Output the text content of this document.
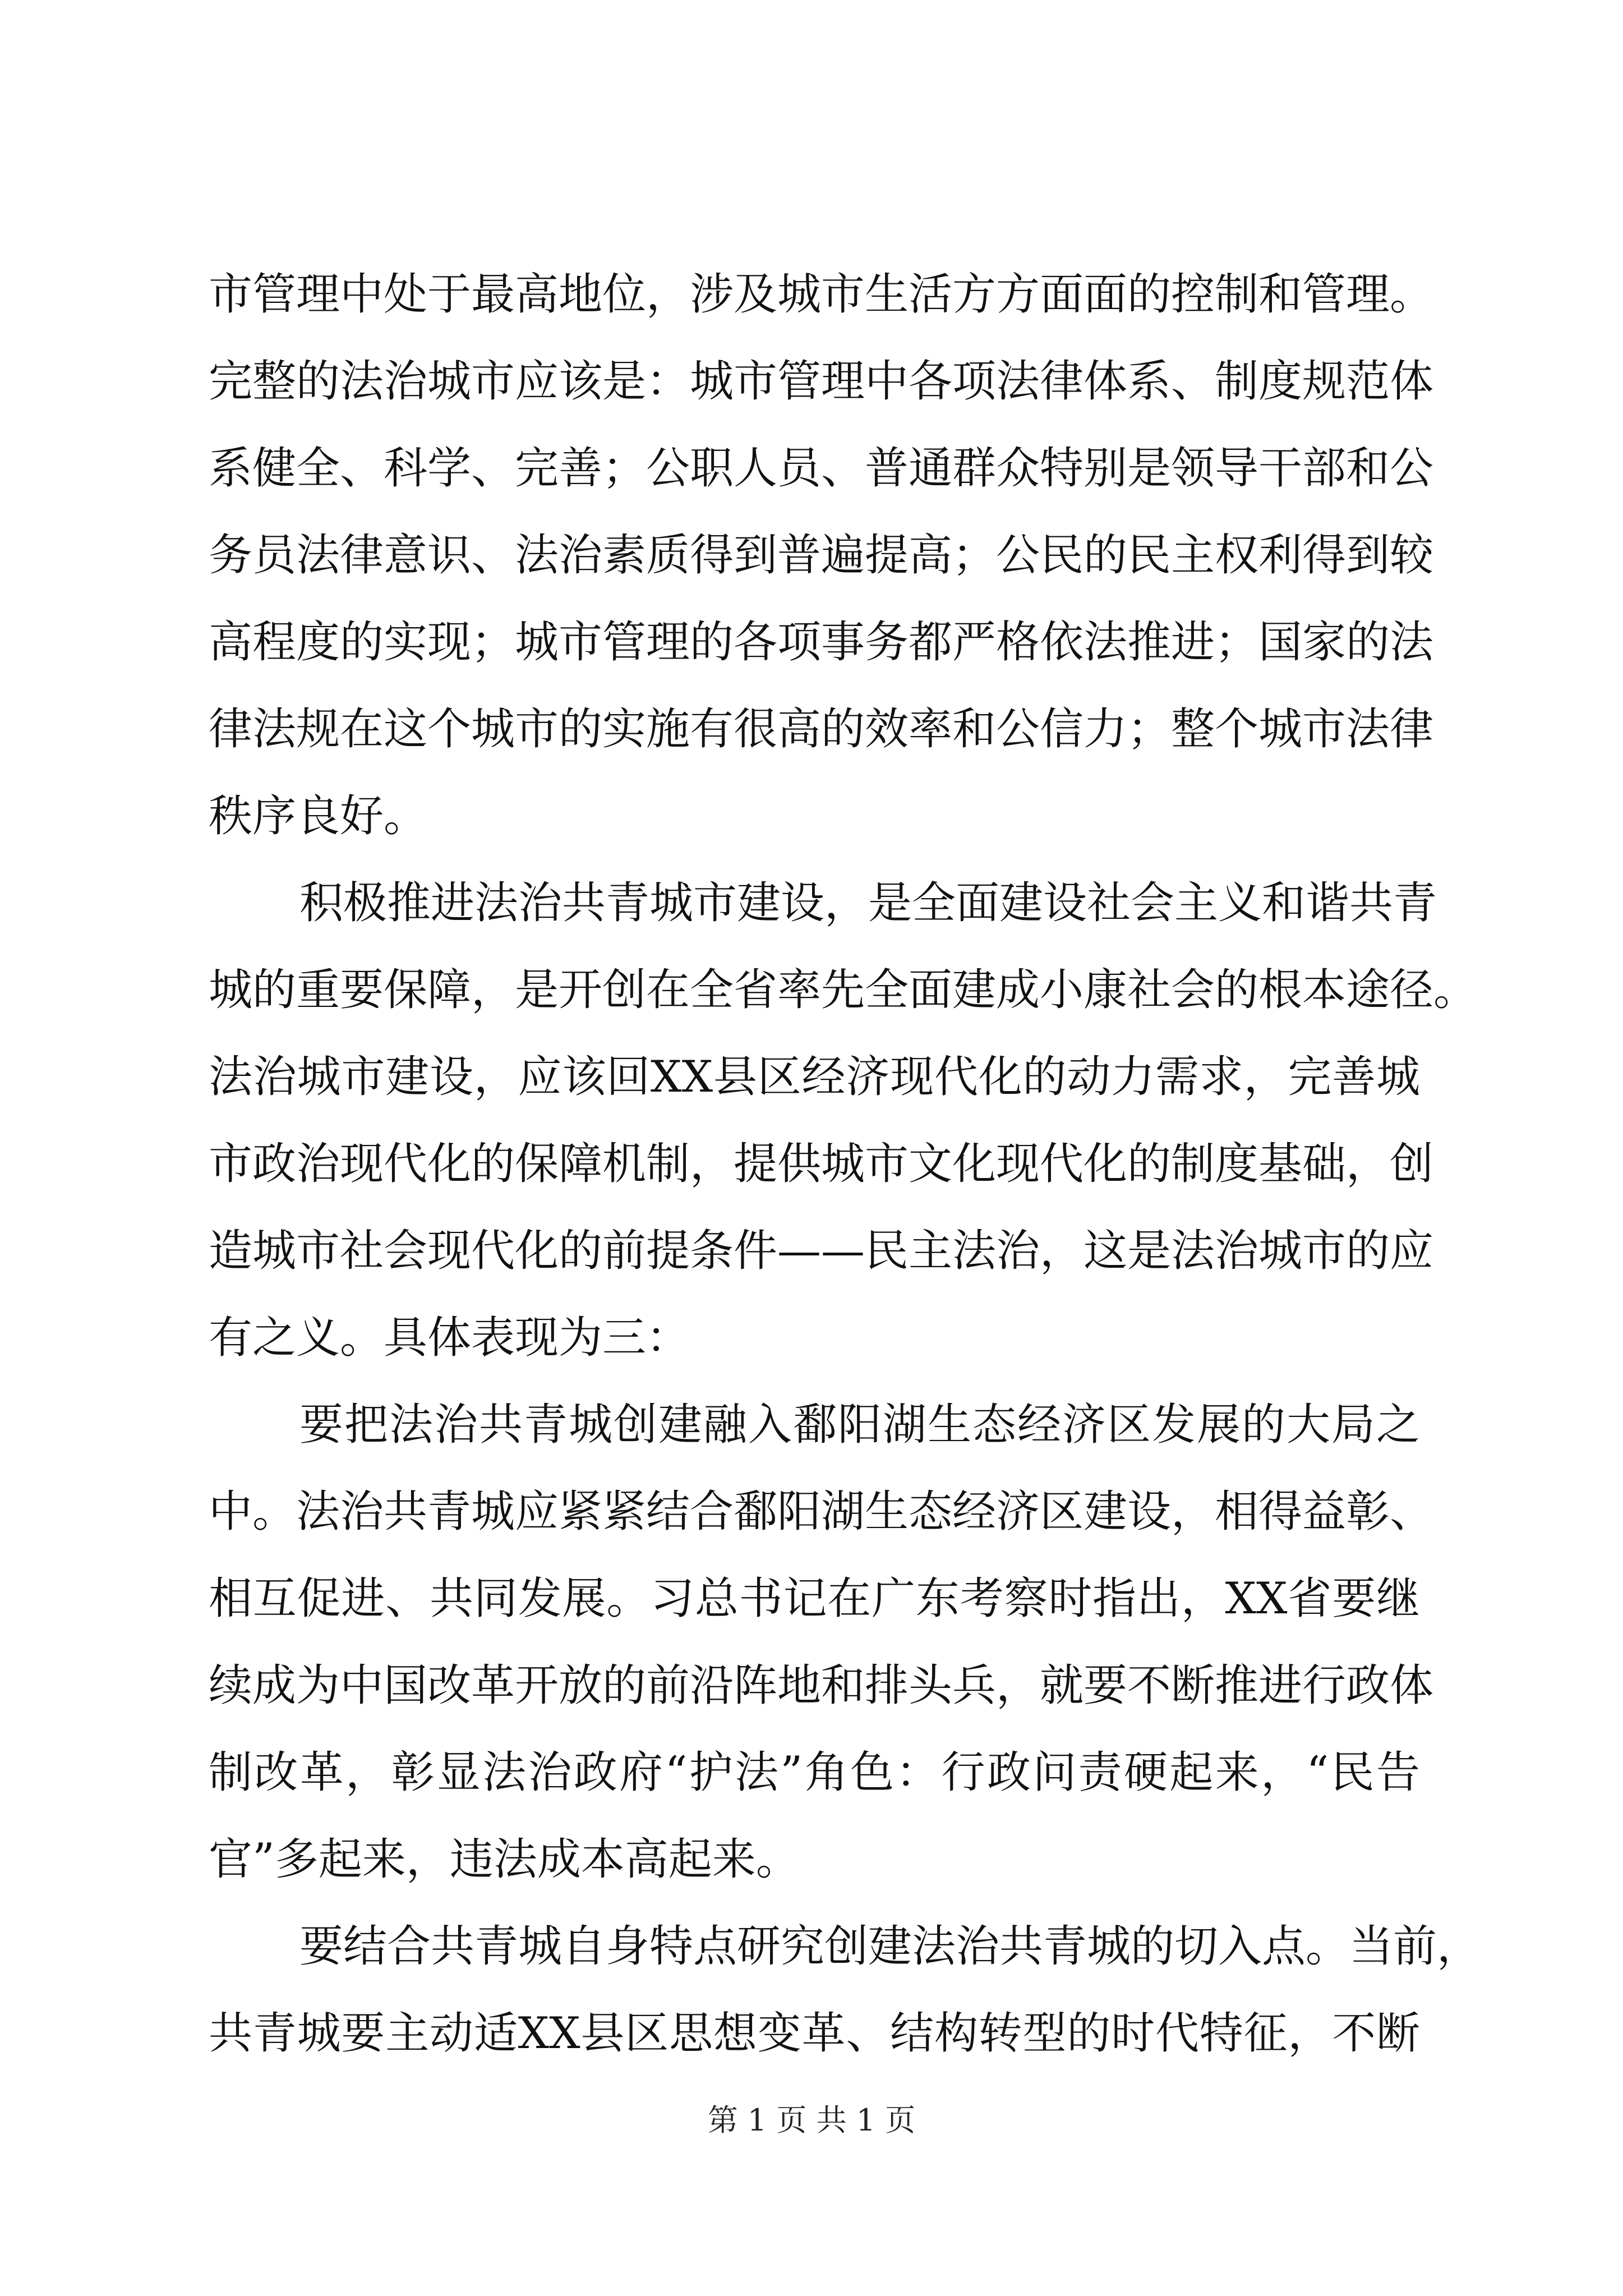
市管理中处于最高地位，涉及城市生活方方面面的控制和管理。
完整的法治城市应该是：城市管理中各项法律体系、制度规范体
系健全、科学、完善；公职人员、普通群众特别是领导干部和公
务员法律意识、法治素质得到普遍提高；公民的民主权利得到较
高程度的实现；城市管理的各项事务都严格依法推进；国家的法
律法规在这个城市的实施有很高的效率和公信力；整个城市法律
秩序良好。
积极推进法治共青城市建设，是全面建设社会主义和谐共青
城的重要保障，是开创在全省率先全面建成小康社会的根本途径。
法治城市建设，应该回XX县区经济现代化的动力需求，完善城
市政治现代化的保障机制，提供城市文化现代化的制度基础，创
造城市社会现代化的前提条件——民主法治，这是法治城市的应
有之义。具体表现为三：
要把法治共青城创建融入鄱阳湖生态经济区发展的大局之
中。法治共青城应紧紧结合鄱阳湖生态经济区建设，相得益彰、
相互促进、共同发展。习总书记在广东考察时指出，XX省要继
续成为中国改革开放的前沿阵地和排头兵，就要不断推进行政体
制改革，彰显法治政府“护法”角色：行政问责硬起来，“民告
官”多起来，违法成本高起来。
要结合共青城自身特点研究创建法治共青城的切入点。当前，
共青城要主动适XX县区思想变革、结构转型的时代特征，不断
第 1 页 共 1 页
